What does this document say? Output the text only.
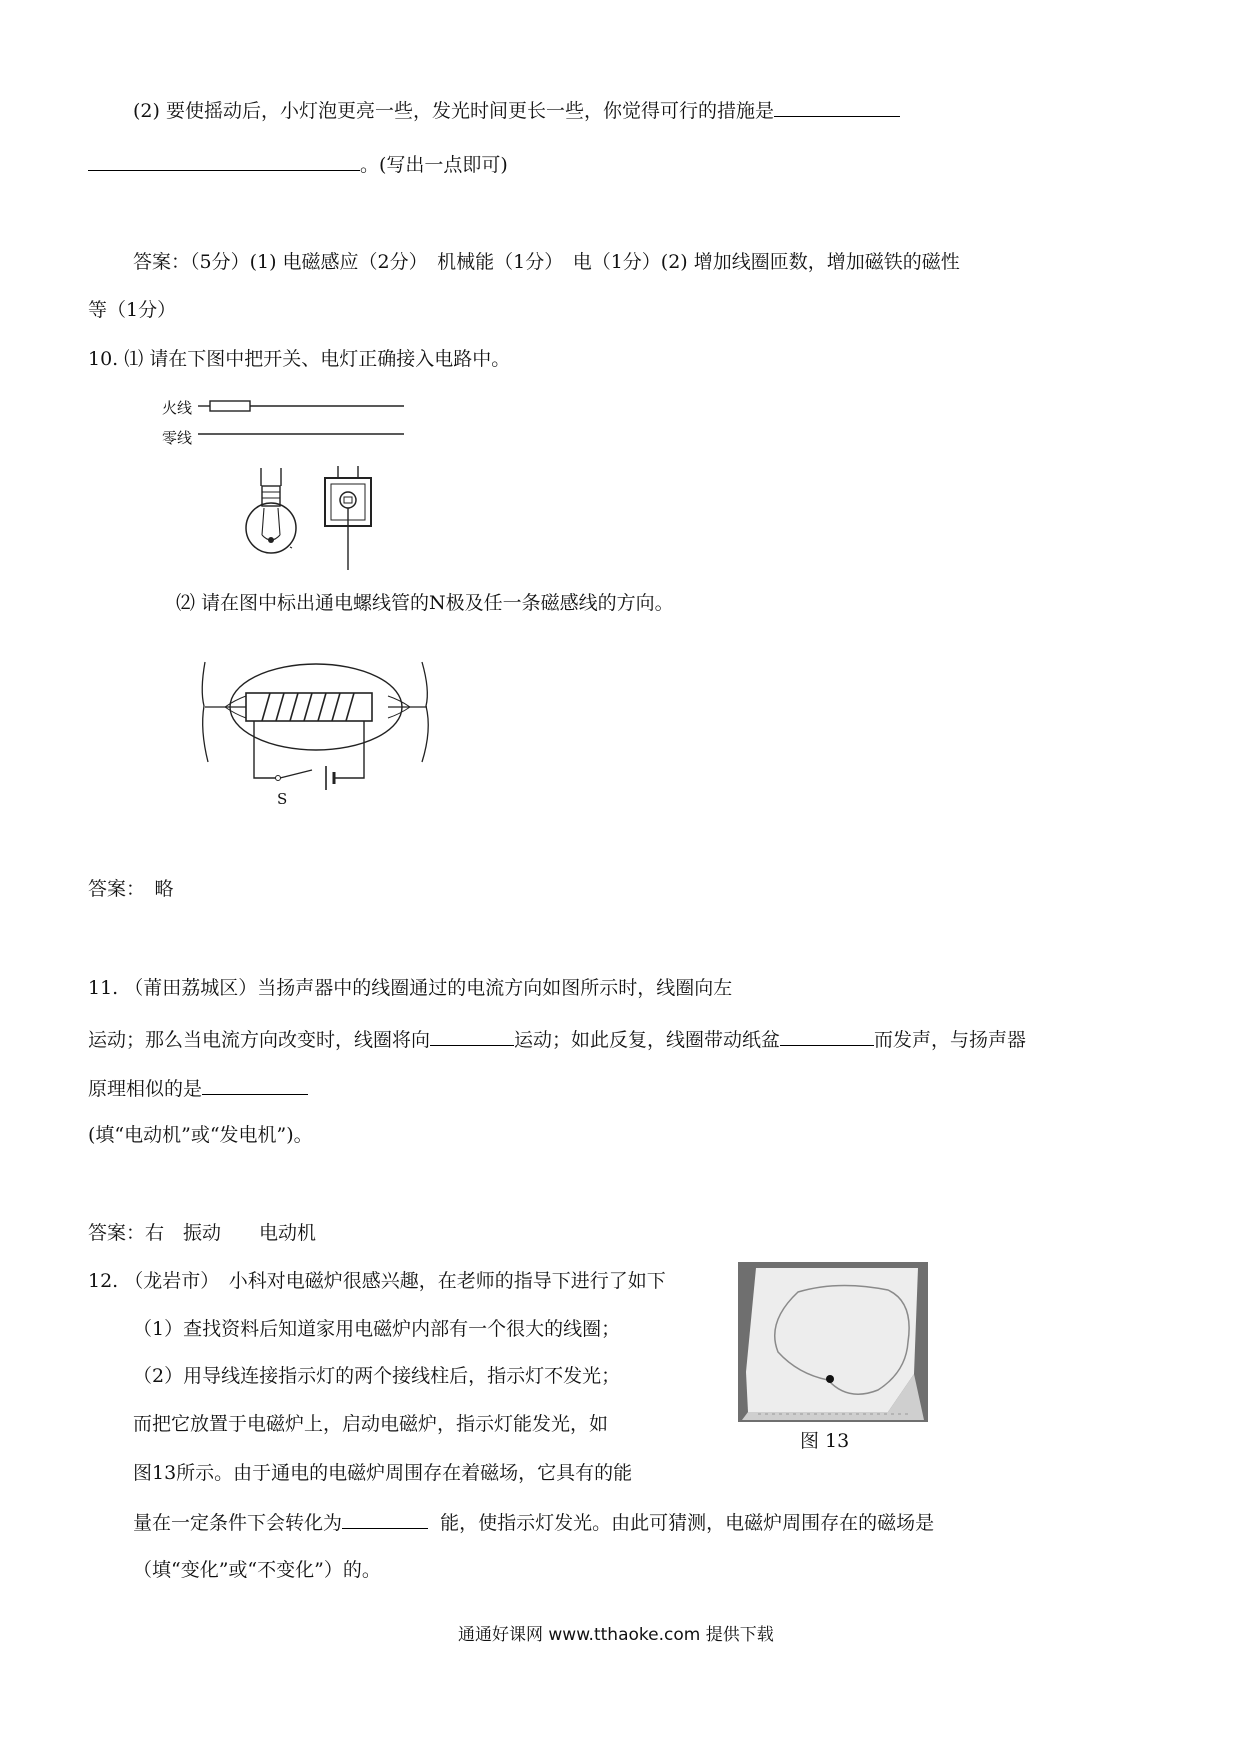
(2) 要使摇动后，小灯泡更亮一些，发光时间更长一些，你觉得可行的措施是
。(写出一点即可)
答案：（5分）(1) 电磁感应（2分）　机械能（1分）　电（1分）(2) 增加线圈匝数，增加磁铁的磁性
等（1分）
10. ⑴ 请在下图中把开关、电灯正确接入电路中。
火线
零线
⑵ 请在图中标出通电螺线管的N极及任一条磁感线的方向。
S
答案：　略
11. （莆田荔城区）当扬声器中的线圈通过的电流方向如图所示时，线圈向左
运动；那么当电流方向改变时，线圈将向	运动；如此反复，线圈带动纸盆	而发声，与扬声器
原理相似的是
(填“电动机”或“发电机”)。
答案：右　振动　　电动机
12. （龙岩市）　小科对电磁炉很感兴趣，在老师的指导下进行了如下
（1）查找资料后知道家用电磁炉内部有一个很大的线圈；
（2）用导线连接指示灯的两个接线柱后，指示灯不发光；
而把它放置于电磁炉上，启动电磁炉，指示灯能发光，如
图13所示。由于通电的电磁炉周围存在着磁场，它具有的能
量在一定条件下会转化为	能，使指示灯发光。由此可猜测，电磁炉周围存在的磁场是
（填“变化”或“不变化”）的。
图 13
通通好课网 www.tthaoke.com 提供下载
